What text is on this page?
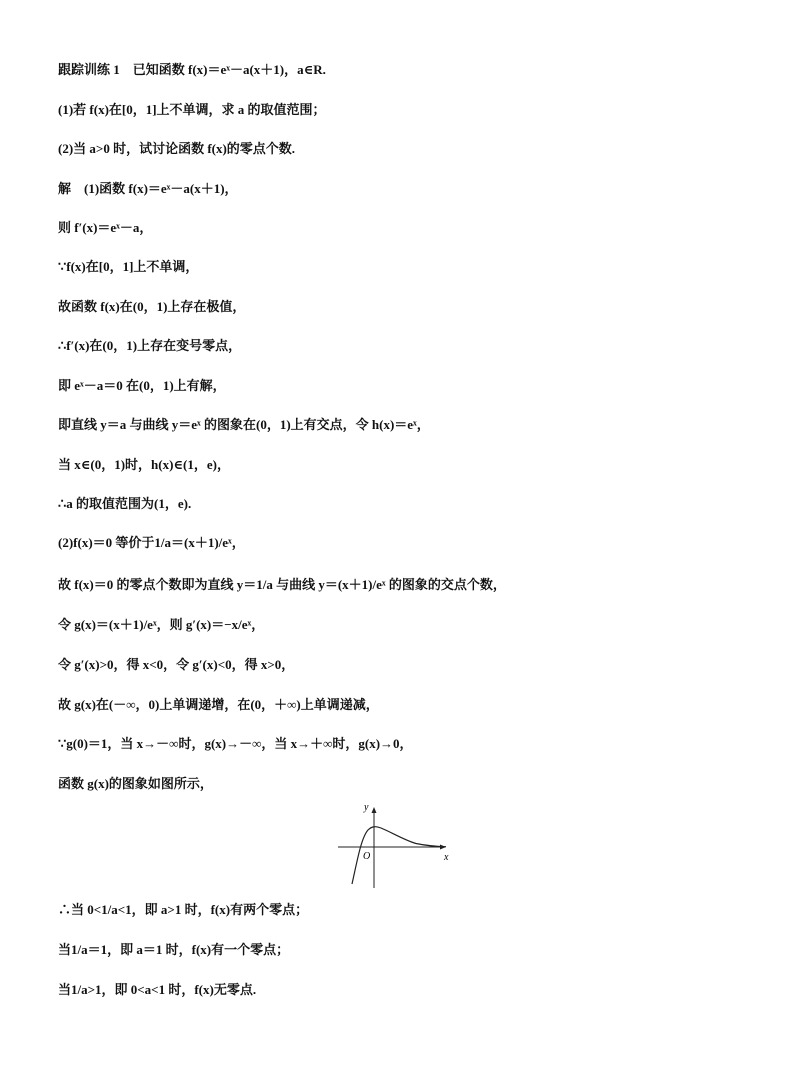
跟踪训练 1　已知函数 f(x)＝eˣ－a(x＋1)，a∈R.
(1)若 f(x)在[0，1]上不单调，求 a 的取值范围；
(2)当 a>0 时，试讨论函数 f(x)的零点个数.
解　(1)函数 f(x)＝eˣ－a(x＋1)，
则 f′(x)＝eˣ－a，
∵f(x)在[0，1]上不单调，
故函数 f(x)在(0，1)上存在极值，
∴f′(x)在(0，1)上存在变号零点，
即 eˣ－a＝0 在(0，1)上有解，
即直线 y＝a 与曲线 y＝eˣ 的图象在(0，1)上有交点，令 h(x)＝eˣ，
当 x∈(0，1)时，h(x)∈(1，e)，
∴a 的取值范围为(1，e).
(2)f(x)＝0 等价于1/a＝(x＋1)/eˣ，
故 f(x)＝0 的零点个数即为直线 y＝1/a 与曲线 y＝(x＋1)/eˣ 的图象的交点个数，
令 g(x)＝(x＋1)/eˣ，则 g′(x)＝−x/eˣ，
令 g′(x)>0，得 x<0，令 g′(x)<0，得 x>0，
故 g(x)在(－∞，0)上单调递增，在(0，＋∞)上单调递减，
∵g(0)＝1，当 x→－∞时，g(x)→－∞，当 x→＋∞时，g(x)→0，
函数 g(x)的图象如图所示，
y
x
O
∴当 0<1/a<1，即 a>1 时，f(x)有两个零点；
当1/a＝1，即 a＝1 时，f(x)有一个零点；
当1/a>1，即 0<a<1 时，f(x)无零点.
